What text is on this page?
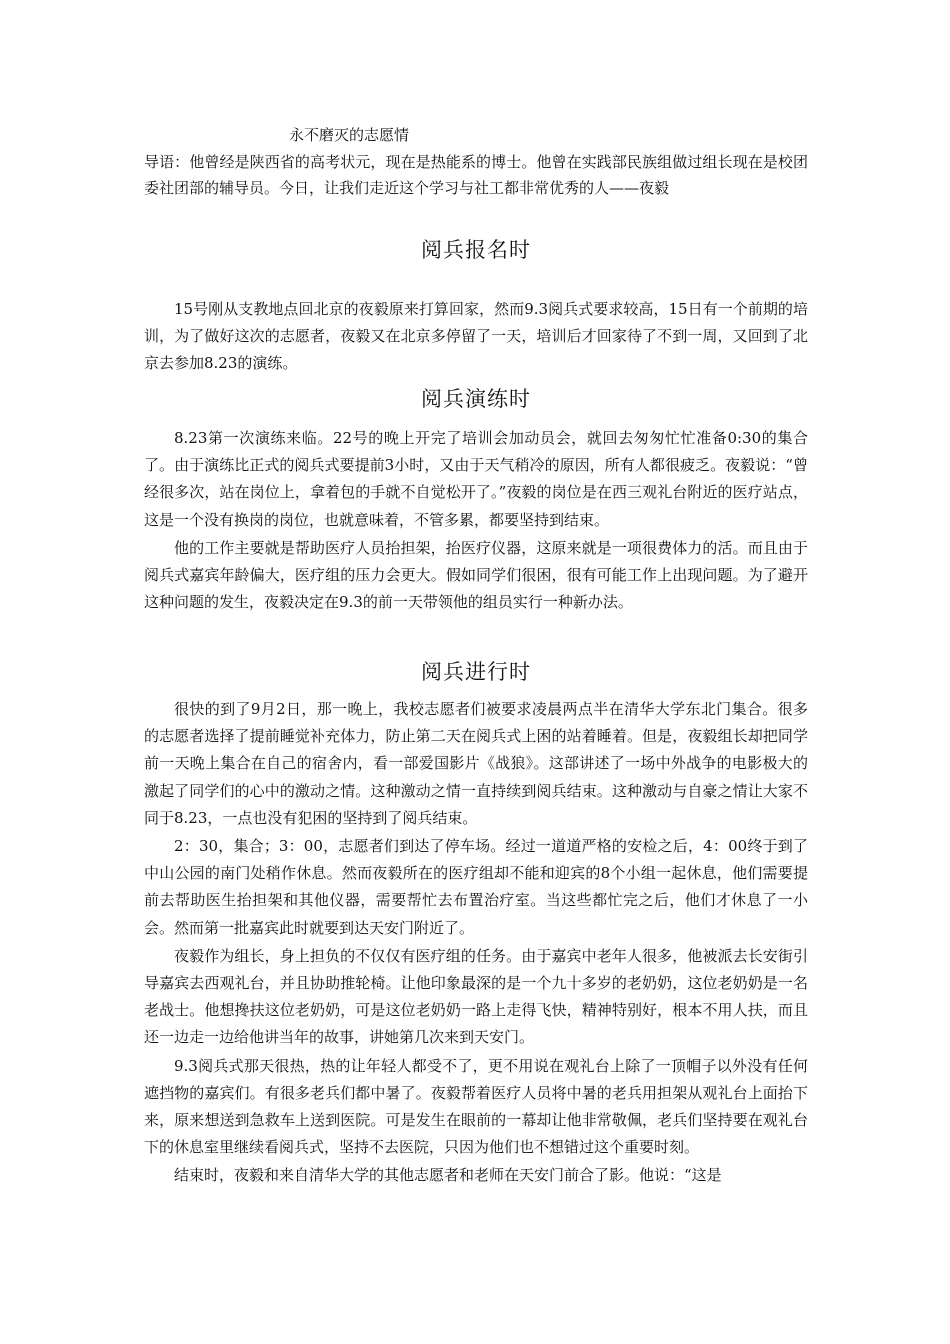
永不磨灭的志愿情

导语：他曾经是陕西省的高考状元，现在是热能系的博士。他曾在实践部民族组做过组长现在是校团委社团部的辅导员。今日，让我们走近这个学习与社工都非常优秀的人——夜毅

阅兵报名时

15号刚从支教地点回北京的夜毅原来打算回家，然而9.3阅兵式要求较高，15日有一个前期的培训，为了做好这次的志愿者，夜毅又在北京多停留了一天，培训后才回家待了不到一周，又回到了北京去参加8.23的演练。

阅兵演练时

8.23第一次演练来临。22号的晚上开完了培训会加动员会，就回去匆匆忙忙准备0:30的集合了。由于演练比正式的阅兵式要提前3小时，又由于天气稍冷的原因，所有人都很疲乏。夜毅说：“曾经很多次，站在岗位上，拿着包的手就不自觉松开了。”夜毅的岗位是在西三观礼台附近的医疗站点，这是一个没有换岗的岗位，也就意味着，不管多累，都要坚持到结束。

他的工作主要就是帮助医疗人员抬担架，抬医疗仪器，这原来就是一项很费体力的活。而且由于阅兵式嘉宾年龄偏大，医疗组的压力会更大。假如同学们很困，很有可能工作上出现问题。为了避开这种问题的发生，夜毅决定在9.3的前一天带领他的组员实行一种新办法。

阅兵进行时

很快的到了9月2日，那一晚上，我校志愿者们被要求凌晨两点半在清华大学东北门集合。很多的志愿者选择了提前睡觉补充体力，防止第二天在阅兵式上困的站着睡着。但是，夜毅组长却把同学前一天晚上集合在自己的宿舍内，看一部爱国影片《战狼》。这部讲述了一场中外战争的电影极大的激起了同学们的心中的激动之情。这种激动之情一直持续到阅兵结束。这种激动与自豪之情让大家不同于8.23，一点也没有犯困的坚持到了阅兵结束。

2：30，集合；3：00，志愿者们到达了停车场。经过一道道严格的安检之后，4：00终于到了中山公园的南门处稍作休息。然而夜毅所在的医疗组却不能和迎宾的8个小组一起休息，他们需要提前去帮助医生抬担架和其他仪器，需要帮忙去布置治疗室。当这些都忙完之后，他们才休息了一小会。然而第一批嘉宾此时就要到达天安门附近了。

夜毅作为组长，身上担负的不仅仅有医疗组的任务。由于嘉宾中老年人很多，他被派去长安街引导嘉宾去西观礼台，并且协助推轮椅。让他印象最深的是一个九十多岁的老奶奶，这位老奶奶是一名老战士。他想搀扶这位老奶奶，可是这位老奶奶一路上走得飞快，精神特别好，根本不用人扶，而且还一边走一边给他讲当年的故事，讲她第几次来到天安门。

9.3阅兵式那天很热，热的让年轻人都受不了，更不用说在观礼台上除了一顶帽子以外没有任何遮挡物的嘉宾们。有很多老兵们都中暑了。夜毅帮着医疗人员将中暑的老兵用担架从观礼台上面抬下来，原来想送到急救车上送到医院。可是发生在眼前的一幕却让他非常敬佩，老兵们坚持要在观礼台下的休息室里继续看阅兵式，坚持不去医院，只因为他们也不想错过这个重要时刻。

结束时，夜毅和来自清华大学的其他志愿者和老师在天安门前合了影。他说：“这是
